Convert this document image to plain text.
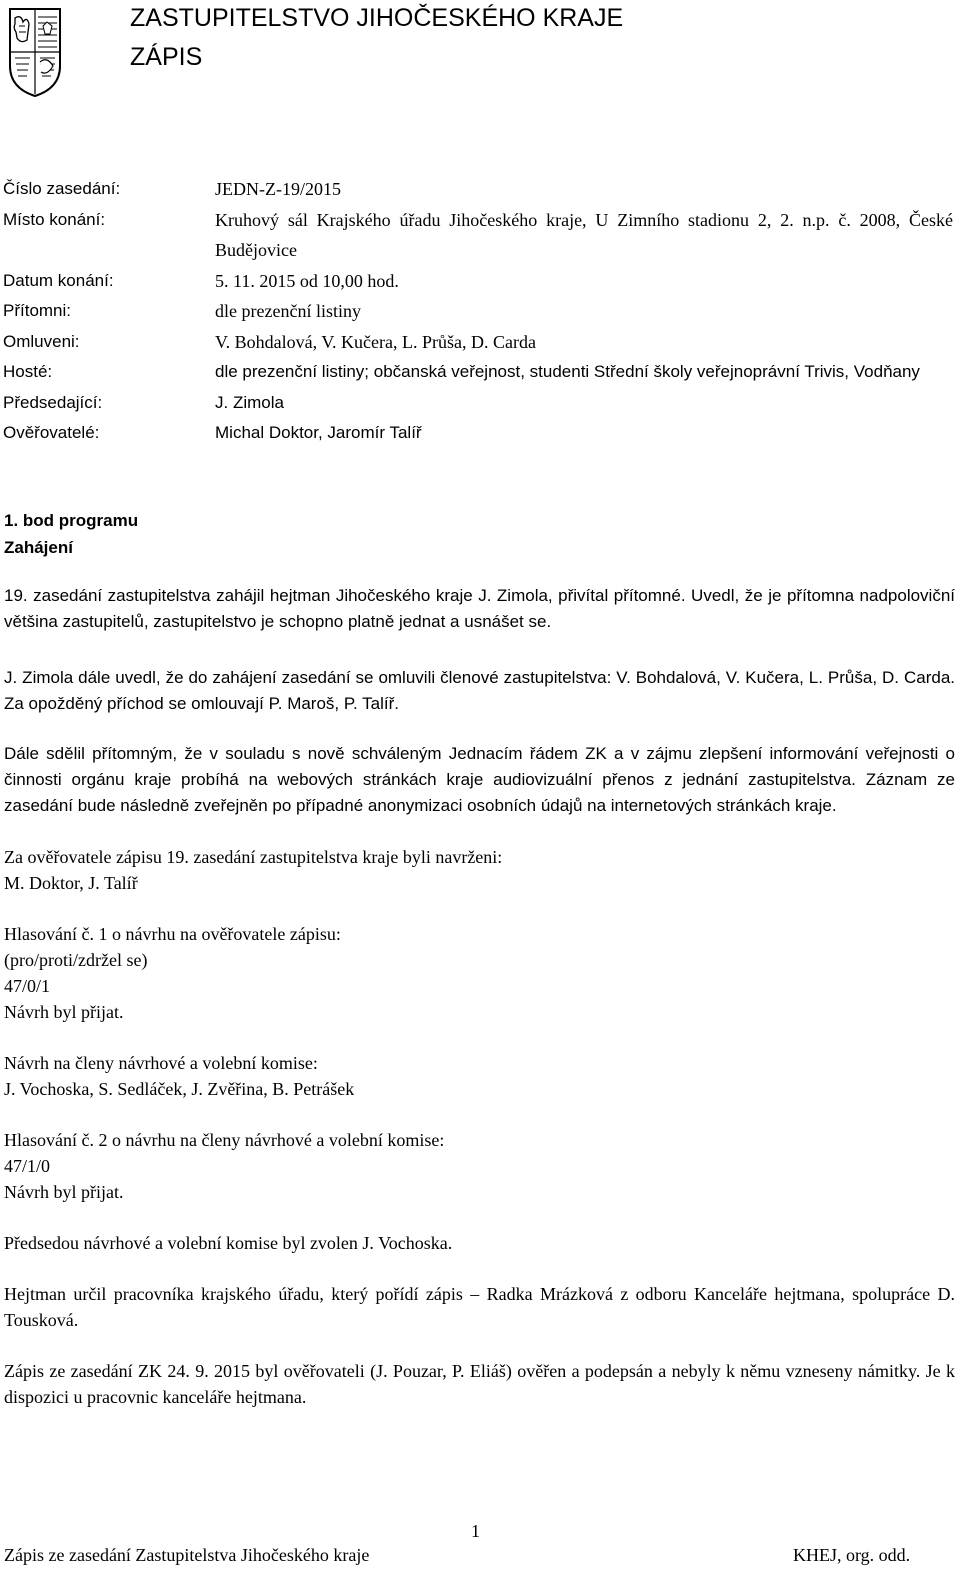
ZASTUPITELSTVO JIHOČESKÉHO KRAJE
ZÁPIS
Číslo zasedání:	JEDN-Z-19/2015
Místo konání:	Kruhový sál Krajského úřadu Jihočeského kraje, U Zimního stadionu 2, 2. n.p. č. 2008, České Budějovice
Datum konání:	5. 11. 2015 od 10,00 hod.
Přítomni:	dle prezenční listiny
Omluveni:	V. Bohdalová, V. Kučera, L. Průša, D. Carda
Hosté:	dle prezenční listiny; občanská veřejnost, studenti Střední školy veřejnoprávní Trivis, Vodňany
Předsedající:	J. Zimola
Ověřovatelé:	Michal Doktor, Jaromír Talíř
1. bod programu
Zahájení

19. zasedání zastupitelstva zahájil hejtman Jihočeského kraje J. Zimola, přivítal přítomné. Uvedl, že je přítomna nadpoloviční většina zastupitelů, zastupitelstvo je schopno platně jednat a usnášet se.

J. Zimola dále uvedl, že do zahájení zasedání se omluvili členové zastupitelstva: V. Bohdalová, V. Kučera, L. Průša, D. Carda. Za opožděný příchod se omlouvají P. Maroš, P. Talíř.

Dále sdělil přítomným, že v souladu s nově schváleným Jednacím řádem ZK a v zájmu zlepšení informování veřejnosti o činnosti orgánu kraje probíhá na webových stránkách kraje audiovizuální přenos z jednání zastupitelstva. Záznam ze zasedání bude následně zveřejněn po případné anonymizaci osobních údajů na internetových stránkách kraje.

Za ověřovatele zápisu 19. zasedání zastupitelstva kraje byli navrženi:

M. Doktor, J. Talíř

Hlasování č. 1 o návrhu na ověřovatele zápisu:

(pro/proti/zdržel se)

47/0/1

Návrh byl přijat.

Návrh na členy návrhové a volební komise:

J. Vochoska, S. Sedláček, J. Zvěřina, B. Petrášek

Hlasování č. 2 o návrhu na členy návrhové a volební komise:

47/1/0

Návrh byl přijat.

Předsedou návrhové a volební komise byl zvolen J. Vochoska.

Hejtman určil pracovníka krajského úřadu, který pořídí zápis – Radka Mrázková z odboru Kanceláře hejtmana, spolupráce D. Tousková.

Zápis ze zasedání ZK 24. 9. 2015 byl ověřovateli (J. Pouzar, P. Eliáš) ověřen a podepsán a nebyly k němu vzneseny námitky. Je k dispozici u pracovnic kanceláře hejtmana.

1
Zápis ze zasedání Zastupitelstva Jihočeského kraje	KHEJ, org. odd.
